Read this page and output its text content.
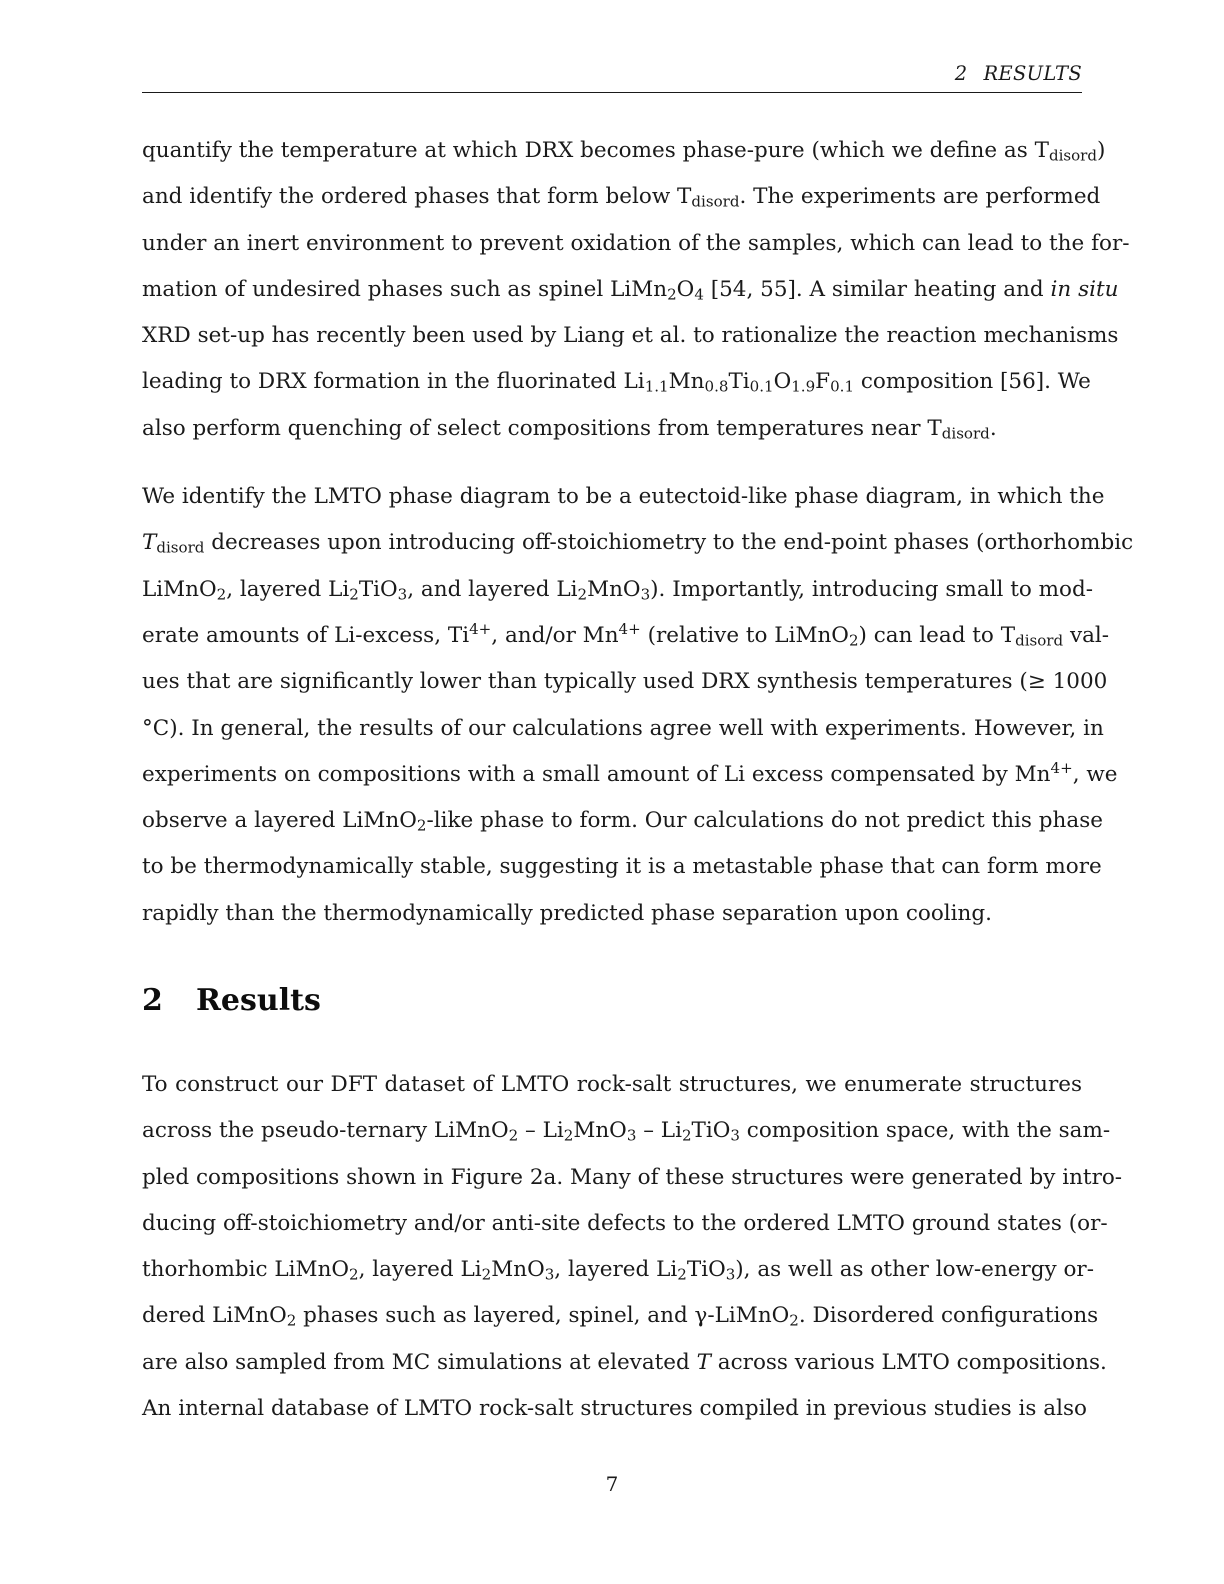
2 RESULTS

quantify the temperature at which DRX becomes phase-pure (which we define as $T_{disord}$)
and identify the ordered phases that form below $T_{disord}$. The experiments are performed
under an inert environment to prevent oxidation of the samples, which can lead to the for-
mation of undesired phases such as spinel $LiMn_2O_4$ [54, 55]. A similar heating and in situ
XRD set-up has recently been used by Liang et al. to rationalize the reaction mechanisms
leading to DRX formation in the fluorinated $Li_{1.1}Mn_{0.8}Ti_{0.1}O_{1.9}F_{0.1}$ composition [56]. We
also perform quenching of select compositions from temperatures near $T_{disord}$.

We identify the LMTO phase diagram to be a eutectoid-like phase diagram, in which the
$T_{disord}$ decreases upon introducing off-stoichiometry to the end-point phases (orthorhombic
LiMnO$_2$, layered $Li_2TiO_3$, and layered $Li_2MnO_3$). Importantly, introducing small to mod-
erate amounts of Li-excess, $Ti^{4+}$, and/or $Mn^{4+}$ (relative to LiMnO$_2$) can lead to $T_{disord}$ val-
ues that are significantly lower than typically used DRX synthesis temperatures (≥ 1000
°C). In general, the results of our calculations agree well with experiments. However, in
experiments on compositions with a small amount of Li excess compensated by $Mn^{4+}$, we
observe a layered LiMnO$_2$-like phase to form. Our calculations do not predict this phase
to be thermodynamically stable, suggesting it is a metastable phase that can form more
rapidly than the thermodynamically predicted phase separation upon cooling.

2 Results

To construct our DFT dataset of LMTO rock-salt structures, we enumerate structures
across the pseudo-ternary LiMnO$_2$ – $Li_2MnO_3 - Li_2TiO_3$ composition space, with the sam-
pled compositions shown in Figure 2a. Many of these structures were generated by intro-
ducing off-stoichiometry and/or anti-site defects to the ordered LMTO ground states (or-
thorhombic LiMnO$_2$, layered $Li_2MnO_3$, layered $Li_2TiO_3$), as well as other low-energy or-
dered LiMnO$_2$ phases such as layered, spinel, and γ-LiMnO$_2$. Disordered configurations
are also sampled from MC simulations at elevated T across various LMTO compositions.
An internal database of LMTO rock-salt structures compiled in previous studies is also

7
